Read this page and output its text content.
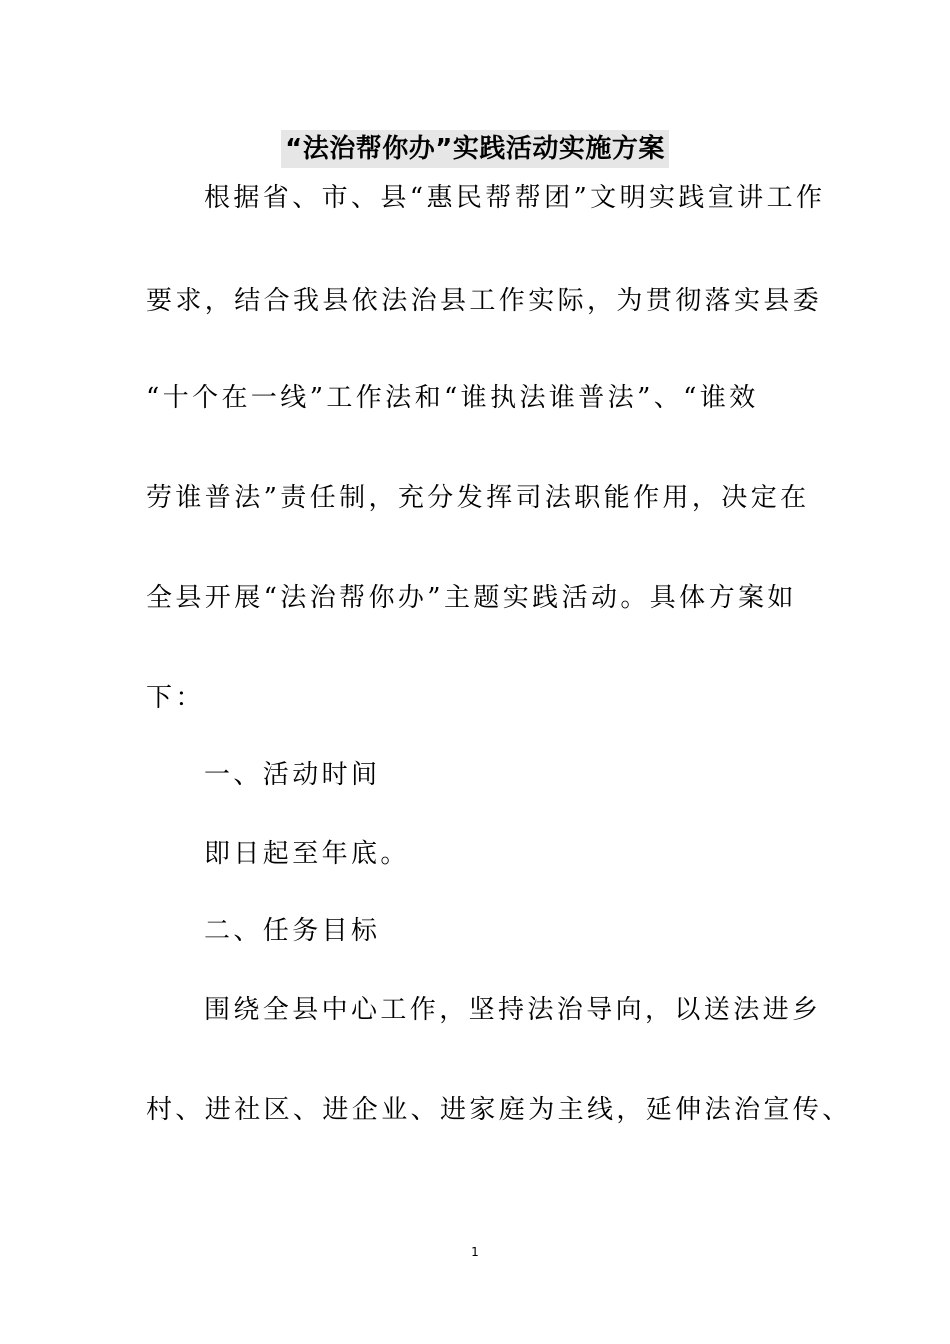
“法治帮你办”实践活动实施方案
根据省、市、县“惠民帮帮团”文明实践宣讲工作
要求，结合我县依法治县工作实际，为贯彻落实县委
“十个在一线”工作法和“谁执法谁普法”、“谁效
劳谁普法”责任制，充分发挥司法职能作用，决定在
全县开展“法治帮你办”主题实践活动。具体方案如
下：
一、活动时间
即日起至年底。
二、任务目标
围绕全县中心工作，坚持法治导向，以送法进乡
村、进社区、进企业、进家庭为主线，延伸法治宣传、
1
